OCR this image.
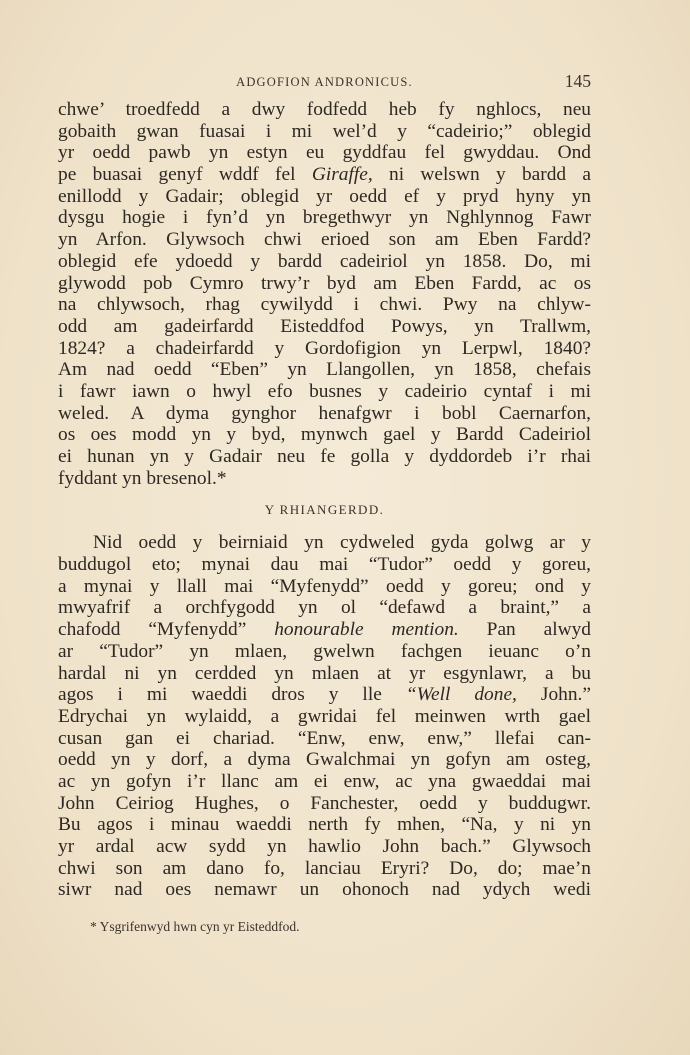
ADGOFION ANDRONICUS.	145
chwe’ troedfedd a dwy fodfedd heb fy nghlocs, neu
gobaith gwan fuasai i mi wel’d y “cadeirio;” oblegid
yr oedd pawb yn estyn eu gyddfau fel gwyddau. Ond
pe buasai genyf wddf fel Giraffe, ni welswn y bardd a
enillodd y Gadair; oblegid yr oedd ef y pryd hyny yn
dysgu hogie i fyn’d yn bregethwyr yn Nghlynnog Fawr
yn Arfon. Glywsoch chwi erioed son am Eben Fardd?
oblegid efe ydoedd y bardd cadeiriol yn 1858. Do, mi
glywodd pob Cymro trwy’r byd am Eben Fardd, ac os
na chlywsoch, rhag cywilydd i chwi. Pwy na chlyw-
odd am gadeirfardd Eisteddfod Powys, yn Trallwm,
1824? a chadeirfardd y Gordofigion yn Lerpwl, 1840?
Am nad oedd “Eben” yn Llangollen, yn 1858, chefais
i fawr iawn o hwyl efo busnes y cadeirio cyntaf i mi
weled. A dyma gynghor henafgwr i bobl Caernarfon,
os oes modd yn y byd, mynwch gael y Bardd Cadeiriol
ei hunan yn y Gadair neu fe golla y dyddordeb i’r rhai
fyddant yn bresenol.*
Y RHIANGERDD.
Nid oedd y beirniaid yn cydweled gyda golwg ar y
buddugol eto; mynai dau mai “Tudor” oedd y goreu,
a mynai y llall mai “Myfenydd” oedd y goreu; ond y
mwyafrif a orchfygodd yn ol “defawd a braint,” a
chafodd “Myfenydd” honourable mention. Pan alwyd
ar “Tudor” yn mlaen, gwelwn fachgen ieuanc o’n
hardal ni yn cerdded yn mlaen at yr esgynlawr, a bu
agos i mi waeddi dros y lle “Well done, John.”
Edrychai yn wylaidd, a gwridai fel meinwen wrth gael
cusan gan ei chariad. “Enw, enw, enw,” llefai can-
oedd yn y dorf, a dyma Gwalchmai yn gofyn am osteg,
ac yn gofyn i’r llanc am ei enw, ac yna gwaeddai mai
John Ceiriog Hughes, o Fanchester, oedd y buddugwr.
Bu agos i minau waeddi nerth fy mhen, “Na, y ni yn
yr ardal acw sydd yn hawlio John bach.” Glywsoch
chwi son am dano fo, lanciau Eryri? Do, do; mae’n
siwr nad oes nemawr un ohonoch nad ydych wedi
* Ysgrifenwyd hwn cyn yr Eisteddfod.
